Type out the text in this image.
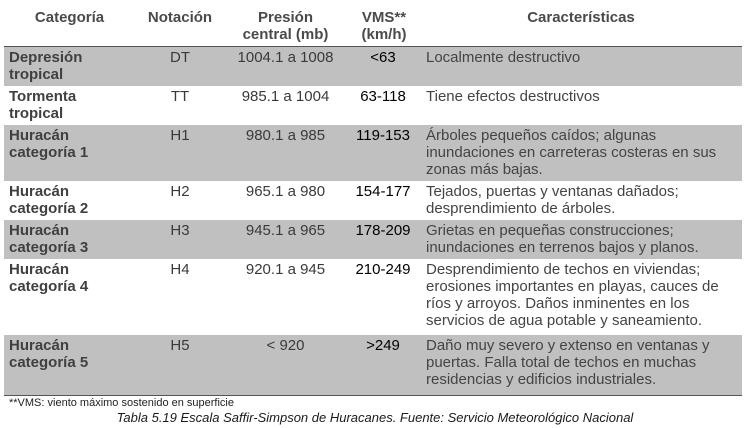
Categoría	Notación	Presión central (mb)	VMS** (km/h)	Características
Depresión tropical	DT	1004.1 a 1008	<63	Localmente destructivo
Tormenta tropical	TT	985.1 a 1004	63-118	Tiene efectos destructivos
Huracán categoría 1	H1	980.1 a 985	119-153	Árboles pequeños caídos; algunas inundaciones en carreteras costeras en sus zonas más bajas.
Huracán categoría 2	H2	965.1 a 980	154-177	Tejados, puertas y ventanas dañados; desprendimiento de árboles.
Huracán categoría 3	H3	945.1 a 965	178-209	Grietas en pequeñas construcciones; inundaciones en terrenos bajos y planos.
Huracán categoría 4	H4	920.1 a 945	210-249	Desprendimiento de techos en viviendas; erosiones importantes en playas, cauces de ríos y arroyos. Daños inminentes en los servicios de agua potable y saneamiento.
Huracán categoría 5	H5	< 920	>249	Daño muy severo y extenso en ventanas y puertas. Falla total de techos en muchas residencias y edificios industriales.
**VMS: viento máximo sostenido en superficie
Tabla 5.19 Escala Saffir-Simpson de Huracanes. Fuente: Servicio Meteorológico Nacional
